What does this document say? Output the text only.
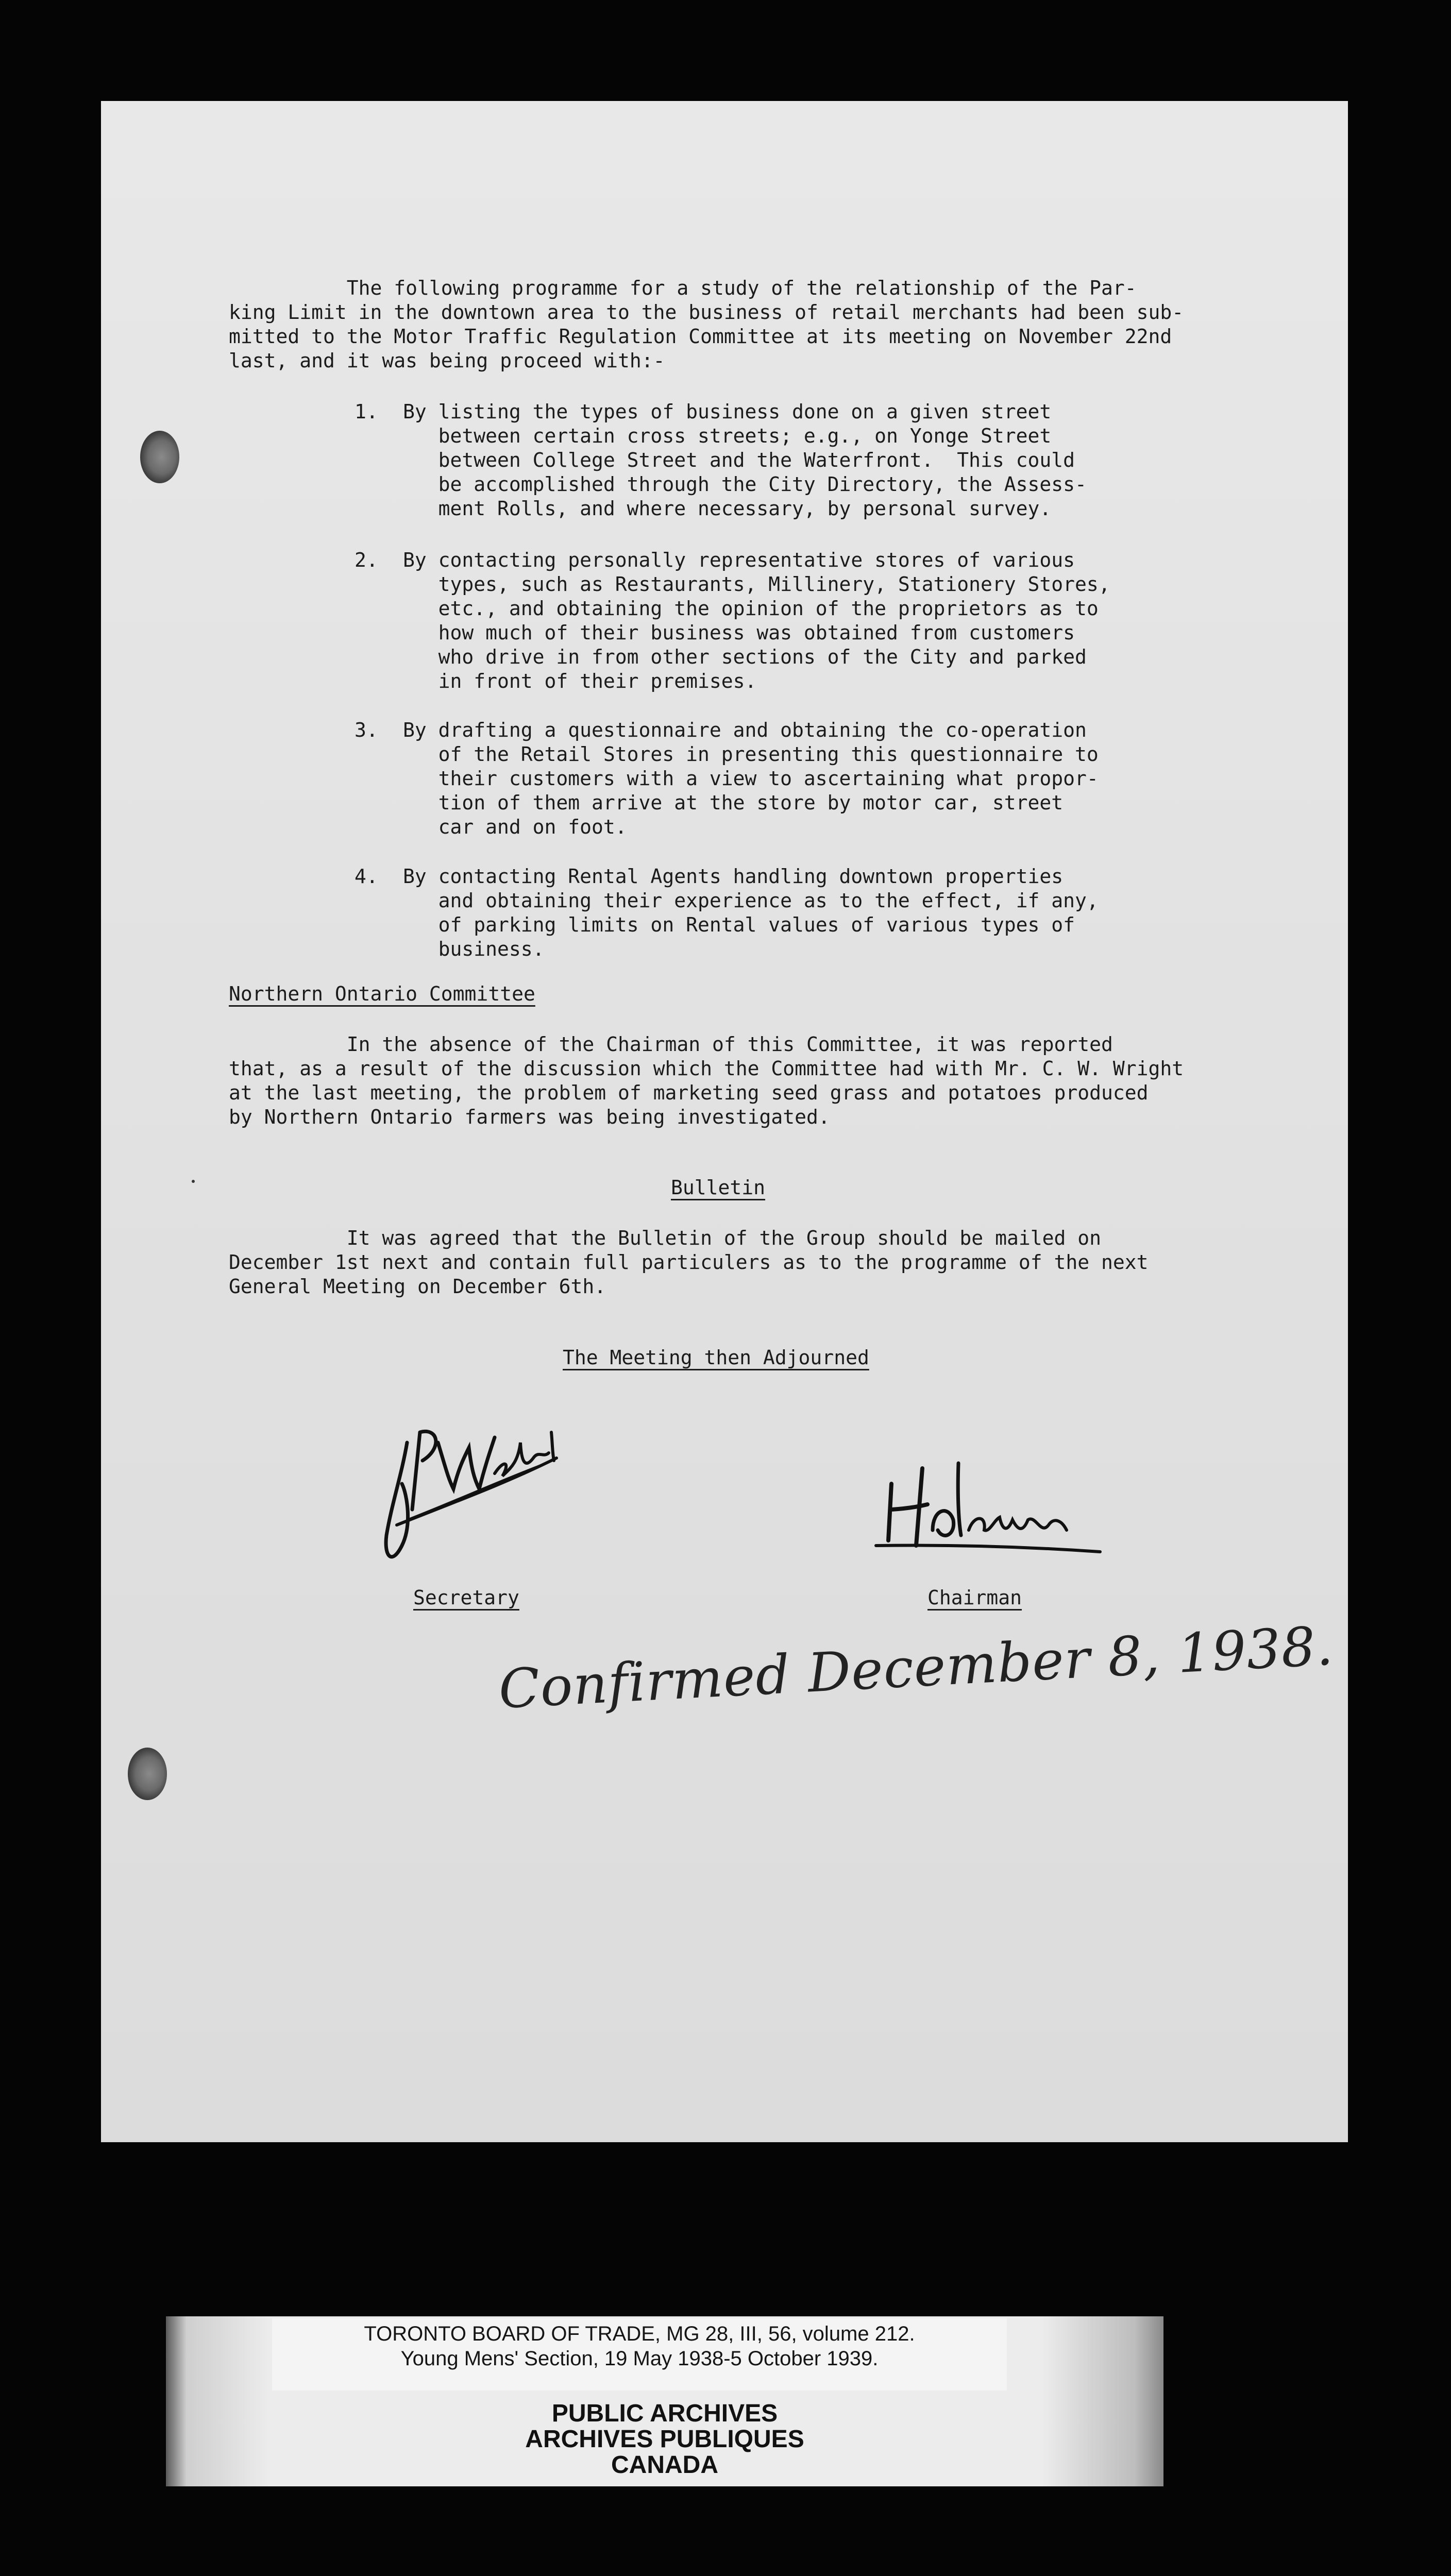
The following programme for a study of the relationship of the Par-
king Limit in the downtown area to the business of retail merchants had been sub-
mitted to the Motor Traffic Regulation Committee at its meeting on November 22nd
last, and it was being proceed with:-
1. By listing the types of business done on a given street
between certain cross streets; e.g., on Yonge Street
between College Street and the Waterfront.  This could
be accomplished through the City Directory, the Assess-
ment Rolls, and where necessary, by personal survey.
2. By contacting personally representative stores of various
types, such as Restaurants, Millinery, Stationery Stores,
etc., and obtaining the opinion of the proprietors as to
how much of their business was obtained from customers
who drive in from other sections of the City and parked
in front of their premises.
3. By drafting a questionnaire and obtaining the co-operation
of the Retail Stores in presenting this questionnaire to
their customers with a view to ascertaining what propor-
tion of them arrive at the store by motor car, street
car and on foot.
4. By contacting Rental Agents handling downtown properties
and obtaining their experience as to the effect, if any,
of parking limits on Rental values of various types of
business.
Northern Ontario Committee
In the absence of the Chairman of this Committee, it was reported
that, as a result of the discussion which the Committee had with Mr. C. W. Wright
at the last meeting, the problem of marketing seed grass and potatoes produced
by Northern Ontario farmers was being investigated.
Bulletin
It was agreed that the Bulletin of the Group should be mailed on
December 1st next and contain full particulers as to the programme of the next
General Meeting on December 6th.
The Meeting then Adjourned
Secretary	Chairman
Confirmed December 8, 1938.
TORONTO BOARD OF TRADE, MG 28, III, 56, volume 212.
Young Mens' Section, 19 May 1938-5 October 1939.
PUBLIC ARCHIVES
ARCHIVES PUBLIQUES
CANADA
